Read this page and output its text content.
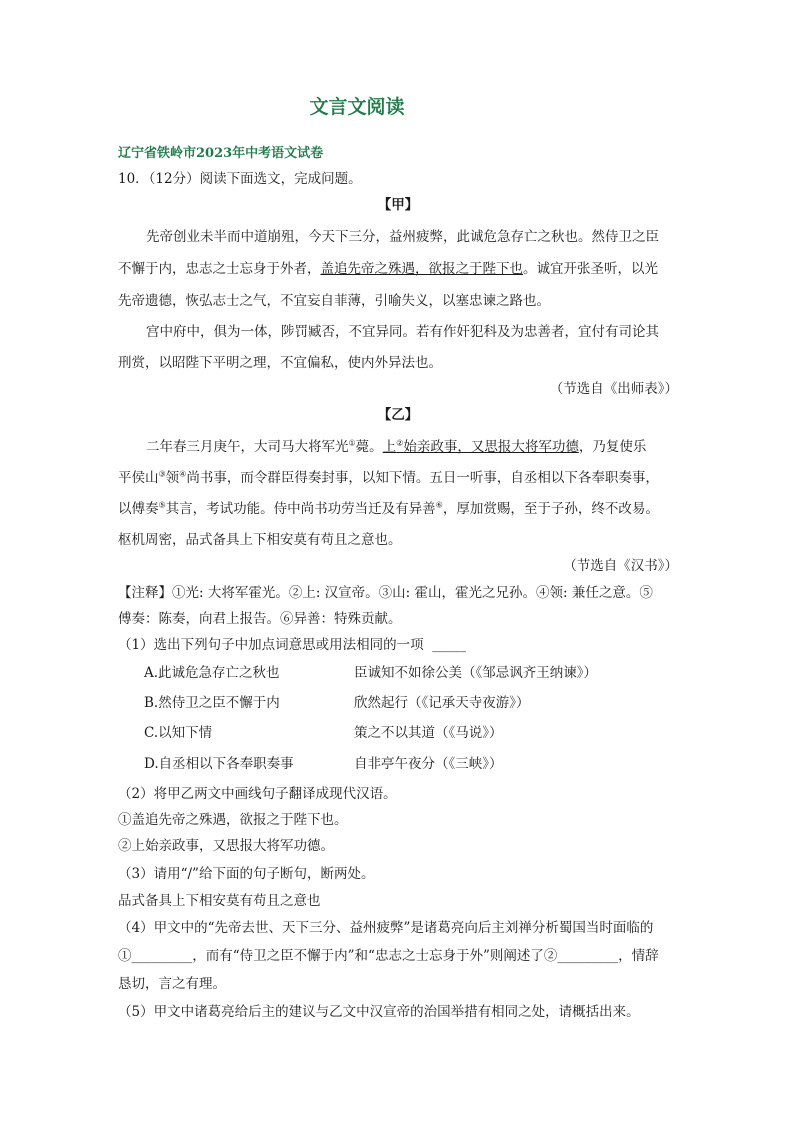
文言文阅读
辽宁省铁岭市2023年中考语文试卷
10．（12分）阅读下面选文，完成问题。
【甲】
先帝创业未半而中道崩殂，今天下三分，益州疲弊，此诚危急存亡之秋也。然侍卫之臣
不懈于内，忠志之士忘身于外者，盖追先帝之殊遇，欲报之于陛下也。诚宜开张圣听，以光
先帝遗德，恢弘志士之气，不宜妄自菲薄，引喻失义，以塞忠谏之路也。
宫中府中，俱为一体，陟罚臧否，不宜异同。若有作奸犯科及为忠善者，宜付有司论其
刑赏，以昭陛下平明之理，不宜偏私，使内外异法也。
（节选自《出师表》）
【乙】
二年春三月庚午，大司马大将军光①薨。上②始亲政事，又思报大将军功德，乃复使乐
平侯山③领④尚书事，而令群臣得奏封事，以知下情。五日一听事，自丞相以下各奉职奏事，
以傅奏⑤其言，考试功能。侍中尚书功劳当迁及有异善⑥，厚加赏赐，至于子孙，终不改易。
枢机周密，品式备具上下相安莫有苟且之意也。
（节选自《汉书》）
【注释】①光: 大将军霍光。②上: 汉宣帝。③山: 霍山，霍光之兄孙。④领: 兼任之意。⑤
傅奏：陈奏，向君上报告。⑥异善：特殊贡献。
（1）选出下列句子中加点词意思或用法相同的一项 _____
A.此诚危急存亡之秋也	臣诚知不如徐公美（《邹忌讽齐王纳谏》）
B.然侍卫之臣不懈于内	欣然起行（《记承天寺夜游》）
C.以知下情	策之不以其道（《马说》）
D.自丞相以下各奉职奏事	自非亭午夜分（《三峡》）
（2）将甲乙两文中画线句子翻译成现代汉语。
①盖追先帝之殊遇，欲报之于陛下也。
②上始亲政事，又思报大将军功德。
（3）请用“/”给下面的句子断句，断两处。
品式备具上下相安莫有苟且之意也
（4）甲文中的“先帝去世、天下三分、益州疲弊”是诸葛亮向后主刘禅分析蜀国当时面临的
①_________，而有“侍卫之臣不懈于内”和“忠志之士忘身于外”则阐述了②_________，情辞
恳切，言之有理。
（5）甲文中诸葛亮给后主的建议与乙文中汉宣帝的治国举措有相同之处，请概括出来。
